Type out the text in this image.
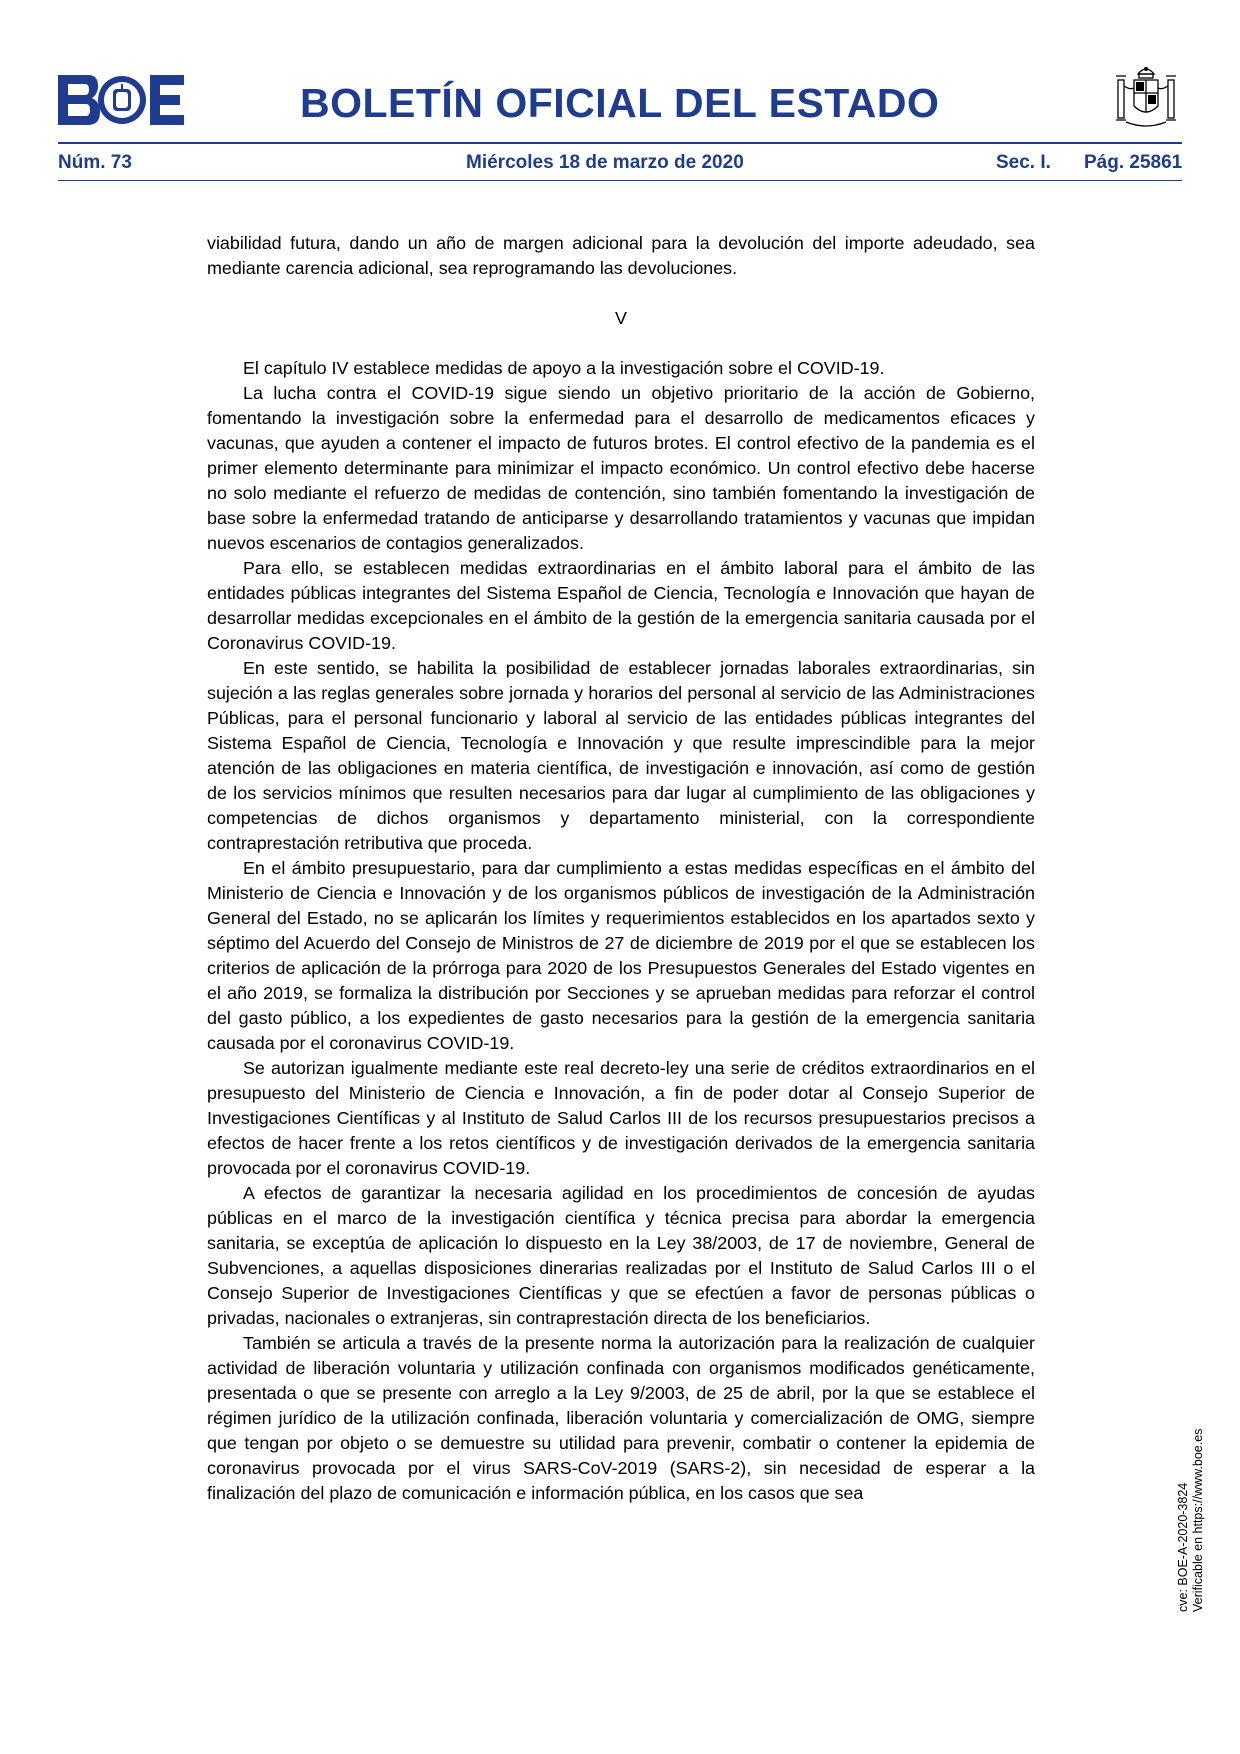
BOLETÍN OFICIAL DEL ESTADO
Núm. 73	Miércoles 18 de marzo de 2020	Sec. I. Pág. 25861

viabilidad futura, dando un año de margen adicional para la devolución del importe adeudado, sea mediante carencia adicional, sea reprogramando las devoluciones.

V

El capítulo IV establece medidas de apoyo a la investigación sobre el COVID-19.

La lucha contra el COVID-19 sigue siendo un objetivo prioritario de la acción de Gobierno, fomentando la investigación sobre la enfermedad para el desarrollo de medicamentos eficaces y vacunas, que ayuden a contener el impacto de futuros brotes. El control efectivo de la pandemia es el primer elemento determinante para minimizar el impacto económico. Un control efectivo debe hacerse no solo mediante el refuerzo de medidas de contención, sino también fomentando la investigación de base sobre la enfermedad tratando de anticiparse y desarrollando tratamientos y vacunas que impidan nuevos escenarios de contagios generalizados.

Para ello, se establecen medidas extraordinarias en el ámbito laboral para el ámbito de las entidades públicas integrantes del Sistema Español de Ciencia, Tecnología e Innovación que hayan de desarrollar medidas excepcionales en el ámbito de la gestión de la emergencia sanitaria causada por el Coronavirus COVID-19.

En este sentido, se habilita la posibilidad de establecer jornadas laborales extraordinarias, sin sujeción a las reglas generales sobre jornada y horarios del personal al servicio de las Administraciones Públicas, para el personal funcionario y laboral al servicio de las entidades públicas integrantes del Sistema Español de Ciencia, Tecnología e Innovación y que resulte imprescindible para la mejor atención de las obligaciones en materia científica, de investigación e innovación, así como de gestión de los servicios mínimos que resulten necesarios para dar lugar al cumplimiento de las obligaciones y competencias de dichos organismos y departamento ministerial, con la correspondiente contraprestación retributiva que proceda.

En el ámbito presupuestario, para dar cumplimiento a estas medidas específicas en el ámbito del Ministerio de Ciencia e Innovación y de los organismos públicos de investigación de la Administración General del Estado, no se aplicarán los límites y requerimientos establecidos en los apartados sexto y séptimo del Acuerdo del Consejo de Ministros de 27 de diciembre de 2019 por el que se establecen los criterios de aplicación de la prórroga para 2020 de los Presupuestos Generales del Estado vigentes en el año 2019, se formaliza la distribución por Secciones y se aprueban medidas para reforzar el control del gasto público, a los expedientes de gasto necesarios para la gestión de la emergencia sanitaria causada por el coronavirus COVID-19.

Se autorizan igualmente mediante este real decreto-ley una serie de créditos extraordinarios en el presupuesto del Ministerio de Ciencia e Innovación, a fin de poder dotar al Consejo Superior de Investigaciones Científicas y al Instituto de Salud Carlos III de los recursos presupuestarios precisos a efectos de hacer frente a los retos científicos y de investigación derivados de la emergencia sanitaria provocada por el coronavirus COVID-19.

A efectos de garantizar la necesaria agilidad en los procedimientos de concesión de ayudas públicas en el marco de la investigación científica y técnica precisa para abordar la emergencia sanitaria, se exceptúa de aplicación lo dispuesto en la Ley 38/2003, de 17 de noviembre, General de Subvenciones, a aquellas disposiciones dinerarias realizadas por el Instituto de Salud Carlos III o el Consejo Superior de Investigaciones Científicas y que se efectúen a favor de personas públicas o privadas, nacionales o extranjeras, sin contraprestación directa de los beneficiarios.

También se articula a través de la presente norma la autorización para la realización de cualquier actividad de liberación voluntaria y utilización confinada con organismos modificados genéticamente, presentada o que se presente con arreglo a la Ley 9/2003, de 25 de abril, por la que se establece el régimen jurídico de la utilización confinada, liberación voluntaria y comercialización de OMG, siempre que tengan por objeto o se demuestre su utilidad para prevenir, combatir o contener la epidemia de coronavirus provocada por el virus SARS-CoV-2019 (SARS-2), sin necesidad de esperar a la finalización del plazo de comunicación e información pública, en los casos que sea	cve: BOE-A-2020-3824 Verificable en https://www.boe.es
